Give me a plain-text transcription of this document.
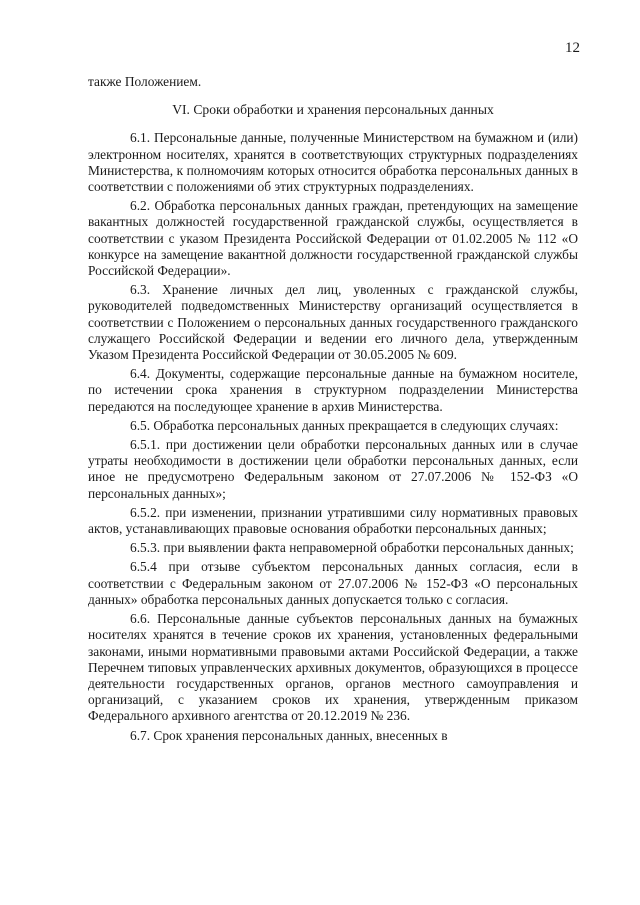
12

также Положением.

VI. Сроки обработки и хранения персональных данных

6.1. Персональные данные, полученные Министерством на бумажном и (или) электронном носителях, хранятся в соответствующих структурных подразделениях Министерства, к полномочиям которых относится обработка персональных данных в соответствии с положениями об этих структурных подразделениях.

6.2. Обработка персональных данных граждан, претендующих на замещение вакантных должностей государственной гражданской службы, осуществляется в соответствии с указом Президента Российской Федерации от 01.02.2005 № 112 «О конкурсе на замещение вакантной должности государственной гражданской службы Российской Федерации».

6.3. Хранение личных дел лиц, уволенных с гражданской службы, руководителей подведомственных Министерству организаций осуществляется в соответствии с Положением о персональных данных государственного гражданского служащего Российской Федерации и ведении его личного дела, утвержденным Указом Президента Российской Федерации от 30.05.2005 № 609.

6.4. Документы, содержащие персональные данные на бумажном носителе, по истечении срока хранения в структурном подразделении Министерства передаются на последующее хранение в архив Министерства.

6.5. Обработка персональных данных прекращается в следующих случаях:

6.5.1. при достижении цели обработки персональных данных или в случае утраты необходимости в достижении цели обработки персональных данных, если иное не предусмотрено Федеральным законом от 27.07.2006 № 152-ФЗ «О персональных данных»;

6.5.2. при изменении, признании утратившими силу нормативных правовых актов, устанавливающих правовые основания обработки персональных данных;

6.5.3. при выявлении факта неправомерной обработки персональных данных;

6.5.4 при отзыве субъектом персональных данных согласия, если в соответствии с Федеральным законом от 27.07.2006 № 152-ФЗ «О персональных данных» обработка персональных данных допускается только с согласия.

6.6. Персональные данные субъектов персональных данных на бумажных носителях хранятся в течение сроков их хранения, установленных федеральными законами, иными нормативными правовыми актами Российской Федерации, а также Перечнем типовых управленческих архивных документов, образующихся в процессе деятельности государственных органов, органов местного самоуправления и организаций, с указанием сроков их хранения, утвержденным приказом Федерального архивного агентства от 20.12.2019 № 236.

6.7. Срок хранения персональных данных, внесенных в
